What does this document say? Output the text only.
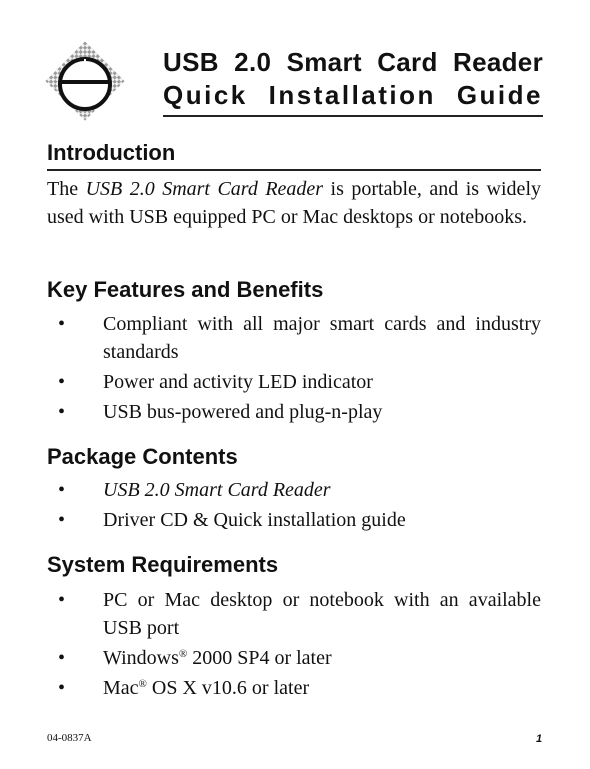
USB 2.0 Smart Card Reader
Quick Installation Guide
Introduction
The USB 2.0 Smart Card Reader is portable, and is widely used with USB equipped PC or Mac desktops or notebooks.
Key Features and Benefits
• Compliant with all major smart cards and industry standards
• Power and activity LED indicator
• USB bus-powered and plug-n-play
Package Contents
• USB 2.0 Smart Card Reader
• Driver CD & Quick installation guide
System Requirements
• PC or Mac desktop or notebook with an available USB port
• Windows® 2000 SP4 or later
• Mac® OS X v10.6 or later
04-0837A	1
